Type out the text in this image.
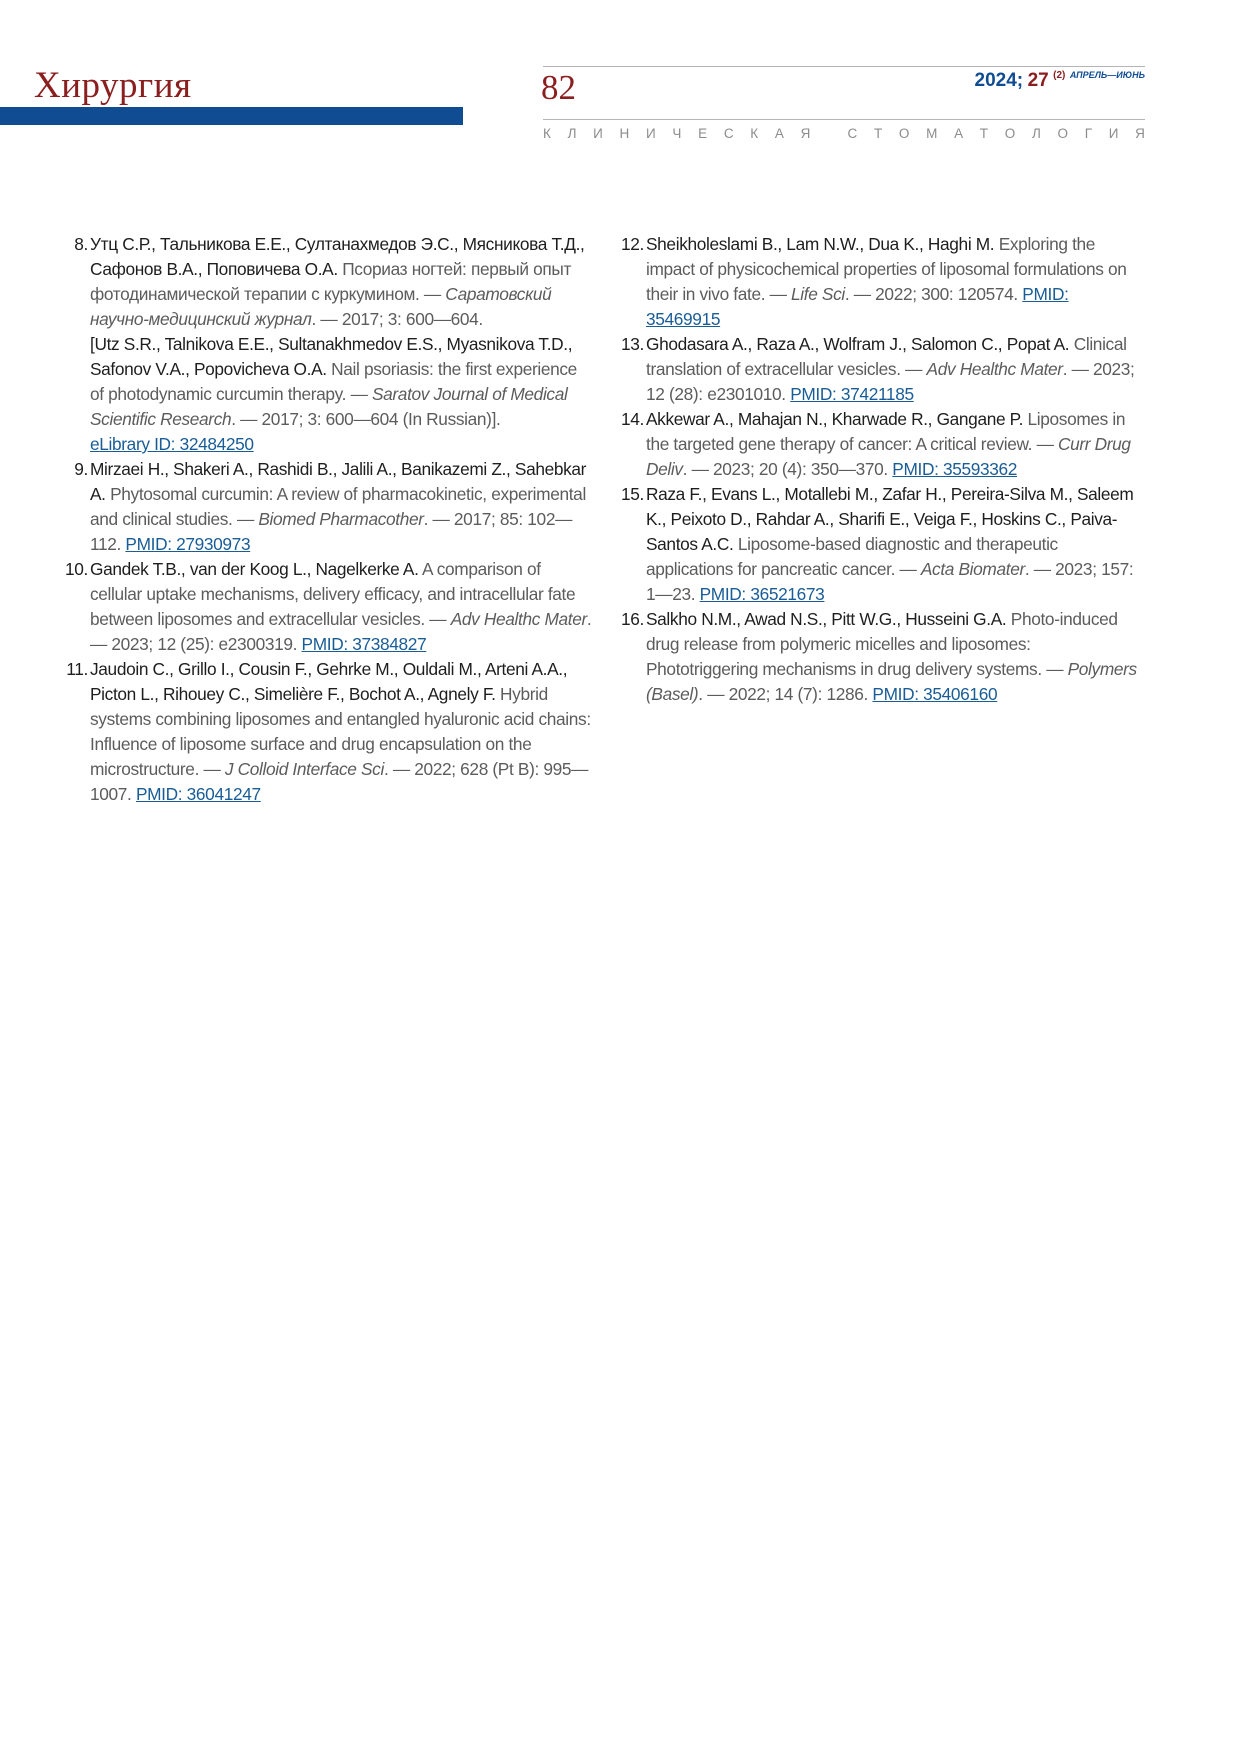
Хирургия	82	2024; 27 $^{(2)}$ $^{АПРЕЛЬ—ИЮНЬ}$
К Л И Н И Ч Е С К А Я
	С Т О М А Т О Л О Г И Я
8. Утц С.Р., Тальникова Е.Е., Султанахмедов Э.С., Мясникова Т.Д., Сафонов В.А., Поповичева О.А. Псориаз ногтей: первый опыт фотодинамической терапии с куркумином. — Саратовский научно-медицинский журнал. — 2017; 3: 600—604.
[Utz S.R., Talnikova E.E., Sultanakhmedov E.S., Myasnikova T.D., Safonov V.A., Popovicheva O.A. Nail psoriasis: the first experience of photodynamic curcumin therapy. — Saratov Journal of Medical Scientific Research. — 2017; 3: 600—604 (In Russian)].
eLibrary ID: 32484250
9. Mirzaei H., Shakeri A., Rashidi B., Jalili A., Banikazemi Z., Sahebkar A. Phytosomal curcumin: A review of pharmacokinetic, experimental and clinical studies. — Biomed Pharmacother. — 2017; 85: 102—112. PMID: 27930973
10. Gandek T.B., van der Koog L., Nagelkerke A. A comparison of cellular uptake mechanisms, delivery efficacy, and intracellular fate between liposomes and extracellular vesicles. — Adv Healthc Mater. — 2023; 12 (25): e2300319. PMID: 37384827
11. Jaudoin C., Grillo I., Cousin F., Gehrke M., Ouldali M., Arteni A.A., Picton L., Rihouey C., Simelière F., Bochot A., Agnely F. Hybrid systems combining liposomes and entangled hyaluronic acid chains: Influence of liposome surface and drug encapsulation on the microstructure. — J Colloid Interface Sci. — 2022; 628 (Pt B): 995—1007. PMID: 36041247
12. Sheikholeslami B., Lam N.W., Dua K., Haghi M. Exploring the impact of physicochemical properties of liposomal formulations on their in vivo fate. — Life Sci. — 2022; 300: 120574. PMID: 35469915
13. Ghodasara A., Raza A., Wolfram J., Salomon C., Popat A. Clinical translation of extracellular vesicles. — Adv Healthc Mater. — 2023; 12 (28): e2301010. PMID: 37421185
14. Akkewar A., Mahajan N., Kharwade R., Gangane P. Liposomes in the targeted gene therapy of cancer: A critical review. — Curr Drug Deliv. — 2023; 20 (4): 350—370. PMID: 35593362
15. Raza F., Evans L., Motallebi M., Zafar H., Pereira-Silva M., Saleem K., Peixoto D., Rahdar A., Sharifi E., Veiga F., Hoskins C., Paiva-Santos A.C. Liposome-based diagnostic and therapeutic applications for pancreatic cancer. — Acta Biomater. — 2023; 157: 1—23. PMID: 36521673
16. Salkho N.M., Awad N.S., Pitt W.G., Husseini G.A. Photo-induced drug release from polymeric micelles and liposomes: Phototriggering mechanisms in drug delivery systems. — Polymers (Basel). — 2022; 14 (7): 1286. PMID: 35406160
